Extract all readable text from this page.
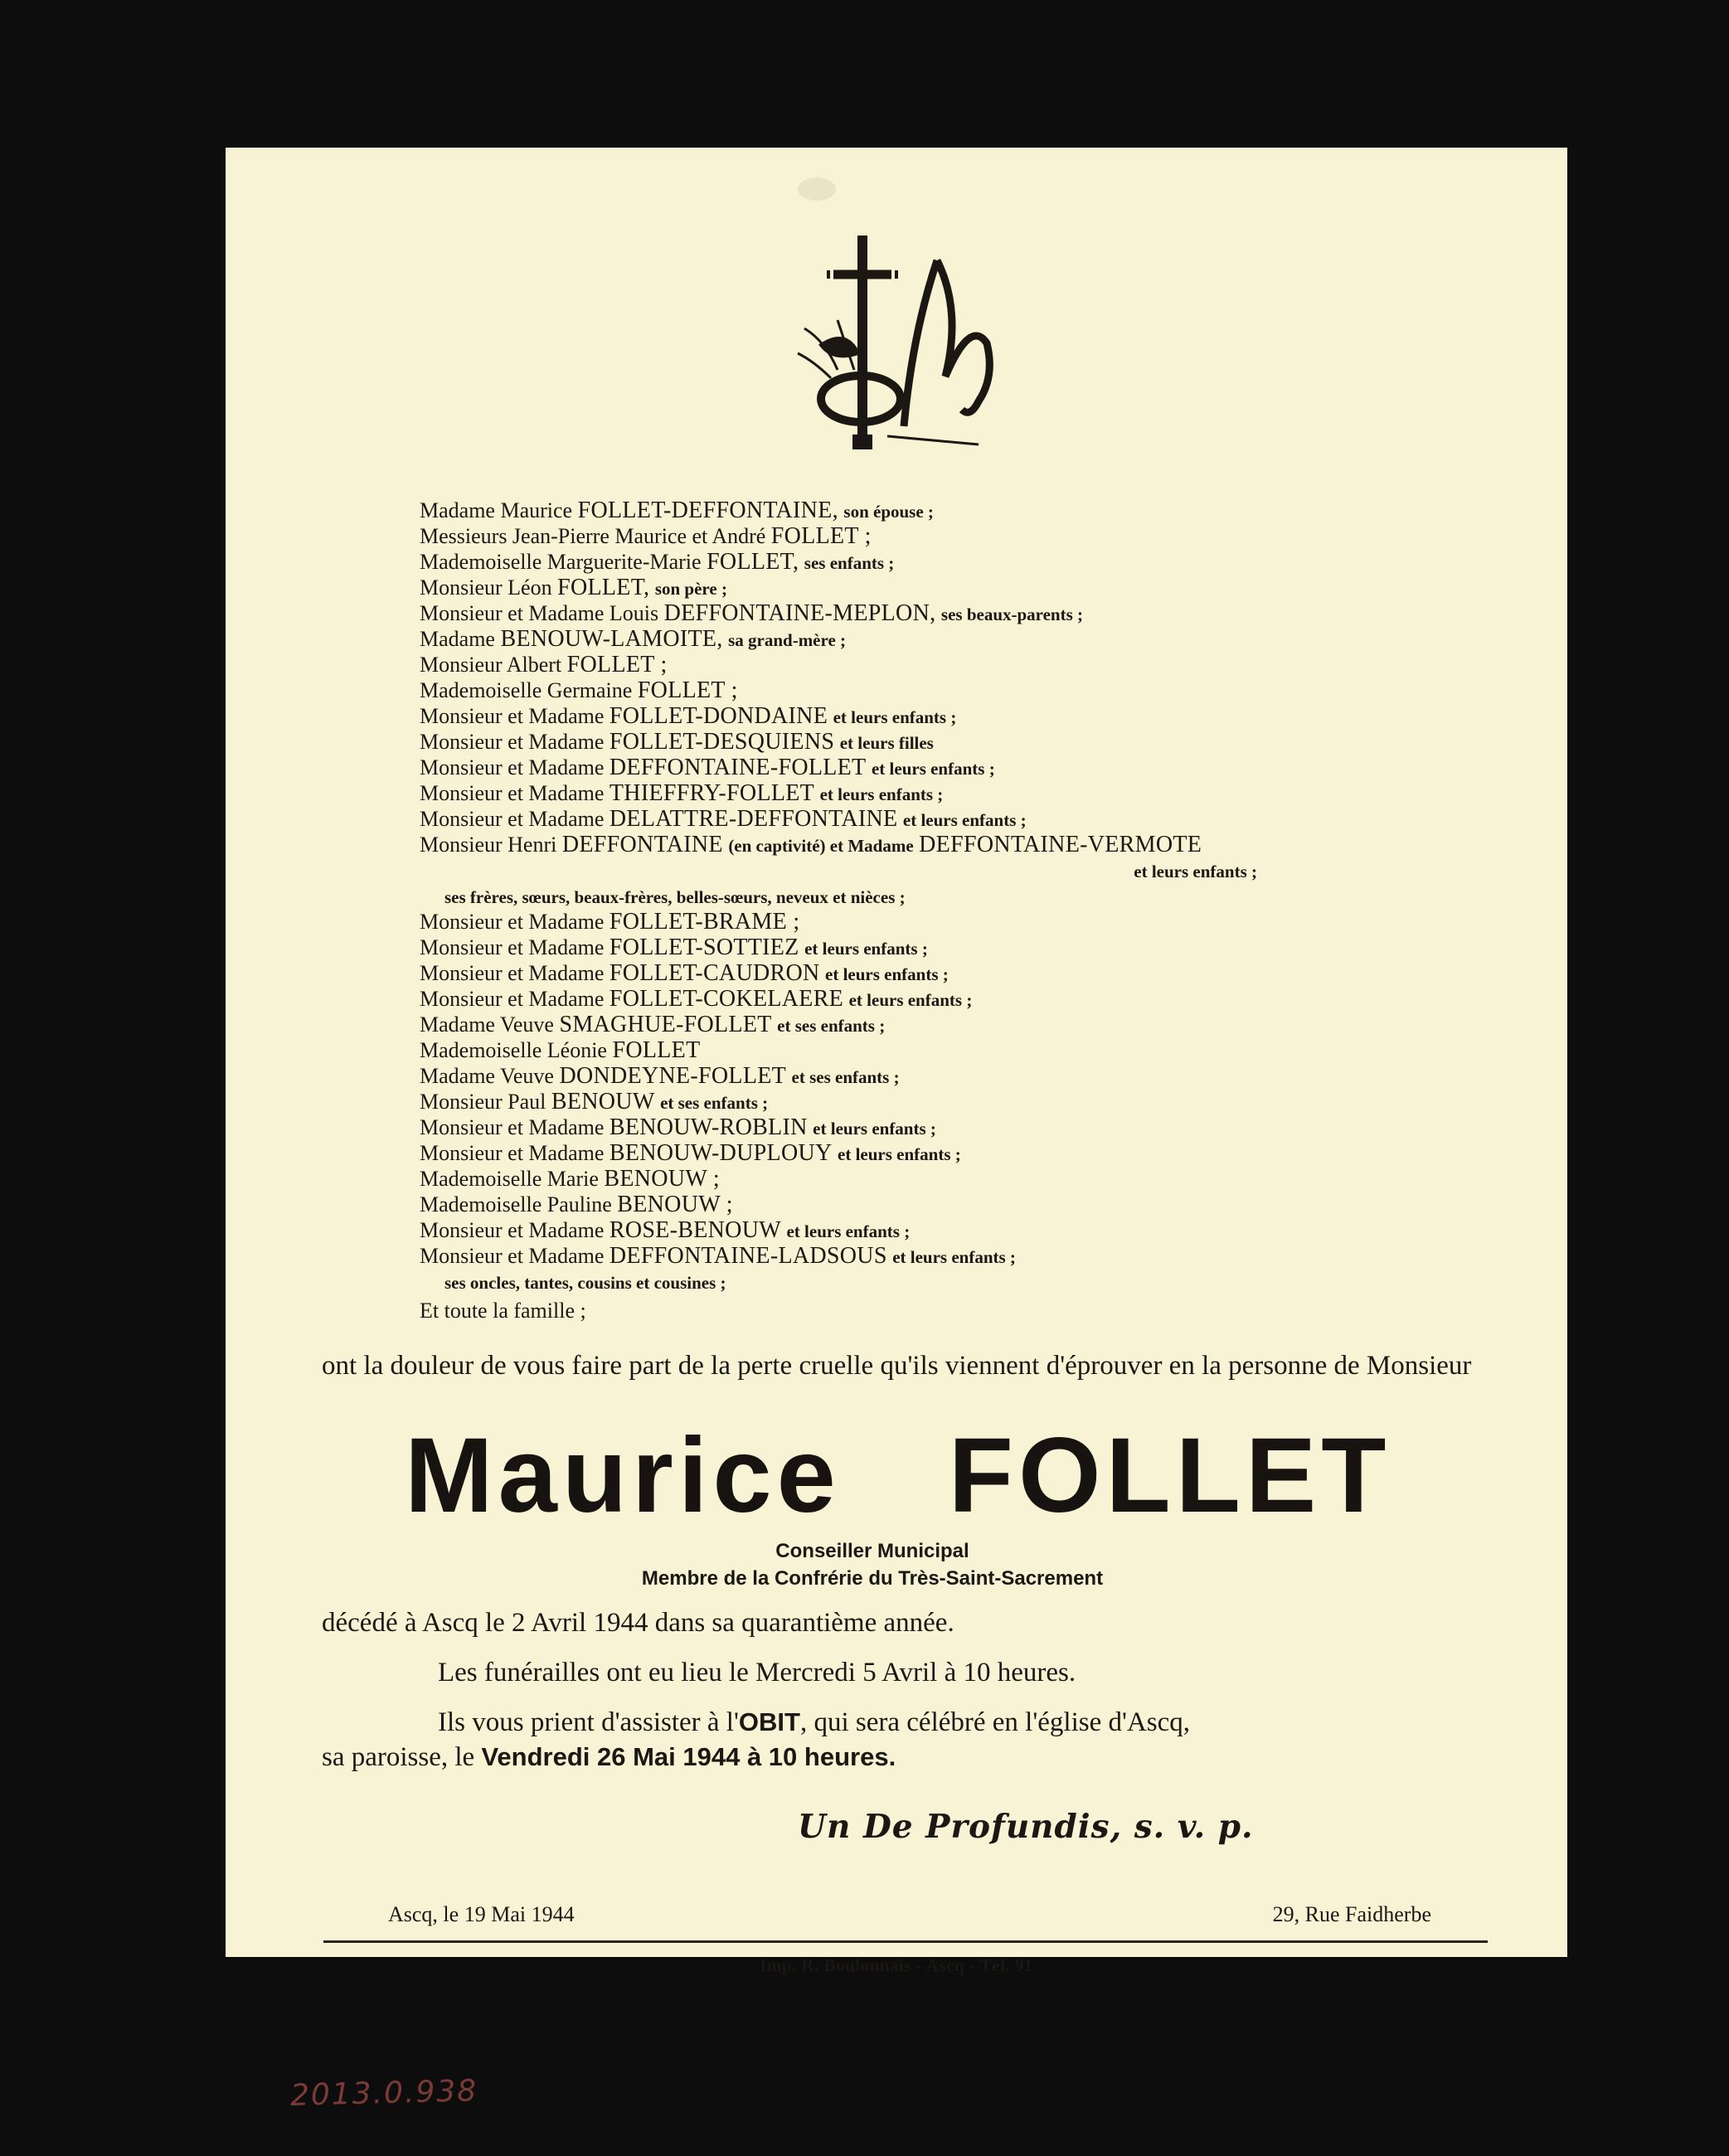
Madame Maurice FOLLET-DEFFONTAINE, son épouse ;
Messieurs Jean-Pierre Maurice et André FOLLET ;
Mademoiselle Marguerite-Marie FOLLET, ses enfants ;
Monsieur Léon FOLLET, son père ;
Monsieur et Madame Louis DEFFONTAINE-MEPLON, ses beaux-parents ;
Madame BENOUW-LAMOITE, sa grand-mère ;
Monsieur Albert FOLLET ;
Mademoiselle Germaine FOLLET ;
Monsieur et Madame FOLLET-DONDAINE et leurs enfants ;
Monsieur et Madame FOLLET-DESQUIENS et leurs filles
Monsieur et Madame DEFFONTAINE-FOLLET et leurs enfants ;
Monsieur et Madame THIEFFRY-FOLLET et leurs enfants ;
Monsieur et Madame DELATTRE-DEFFONTAINE et leurs enfants ;
Monsieur Henri DEFFONTAINE (en captivité) et Madame DEFFONTAINE-VERMOTE
et leurs enfants ;
ses frères, sœurs, beaux-frères, belles-sœurs, neveux et nièces ;
Monsieur et Madame FOLLET-BRAME ;
Monsieur et Madame FOLLET-SOTTIEZ et leurs enfants ;
Monsieur et Madame FOLLET-CAUDRON et leurs enfants ;
Monsieur et Madame FOLLET-COKELAERE et leurs enfants ;
Madame Veuve SMAGHUE-FOLLET et ses enfants ;
Mademoiselle Léonie FOLLET
Madame Veuve DONDEYNE-FOLLET et ses enfants ;
Monsieur Paul BENOUW et ses enfants ;
Monsieur et Madame BENOUW-ROBLIN et leurs enfants ;
Monsieur et Madame BENOUW-DUPLOUY et leurs enfants ;
Mademoiselle Marie BENOUW ;
Mademoiselle Pauline BENOUW ;
Monsieur et Madame ROSE-BENOUW et leurs enfants ;
Monsieur et Madame DEFFONTAINE-LADSOUS et leurs enfants ;
ses oncles, tantes, cousins et cousines ;
Et toute la famille ;
ont la douleur de vous faire part de la perte cruelle qu'ils viennent d'éprouver en la personne de Monsieur
Maurice FOLLET
Conseiller Municipal
Membre de la Confrérie du Très-Saint-Sacrement
décédé à Ascq le 2 Avril 1944 dans sa quarantième année.
Les funérailles ont eu lieu le Mercredi 5 Avril à 10 heures.
Ils vous prient d'assister à l'OBIT, qui sera célébré en l'église d'Ascq,
sa paroisse, le Vendredi 26 Mai 1944 à 10 heures.
Un De Profundis, s. v. p.
Ascq, le 19 Mai 1944	29, Rue Faidherbe
Imp. R. Boulonnais - Ascq - Tél. 91
2013.0.938
